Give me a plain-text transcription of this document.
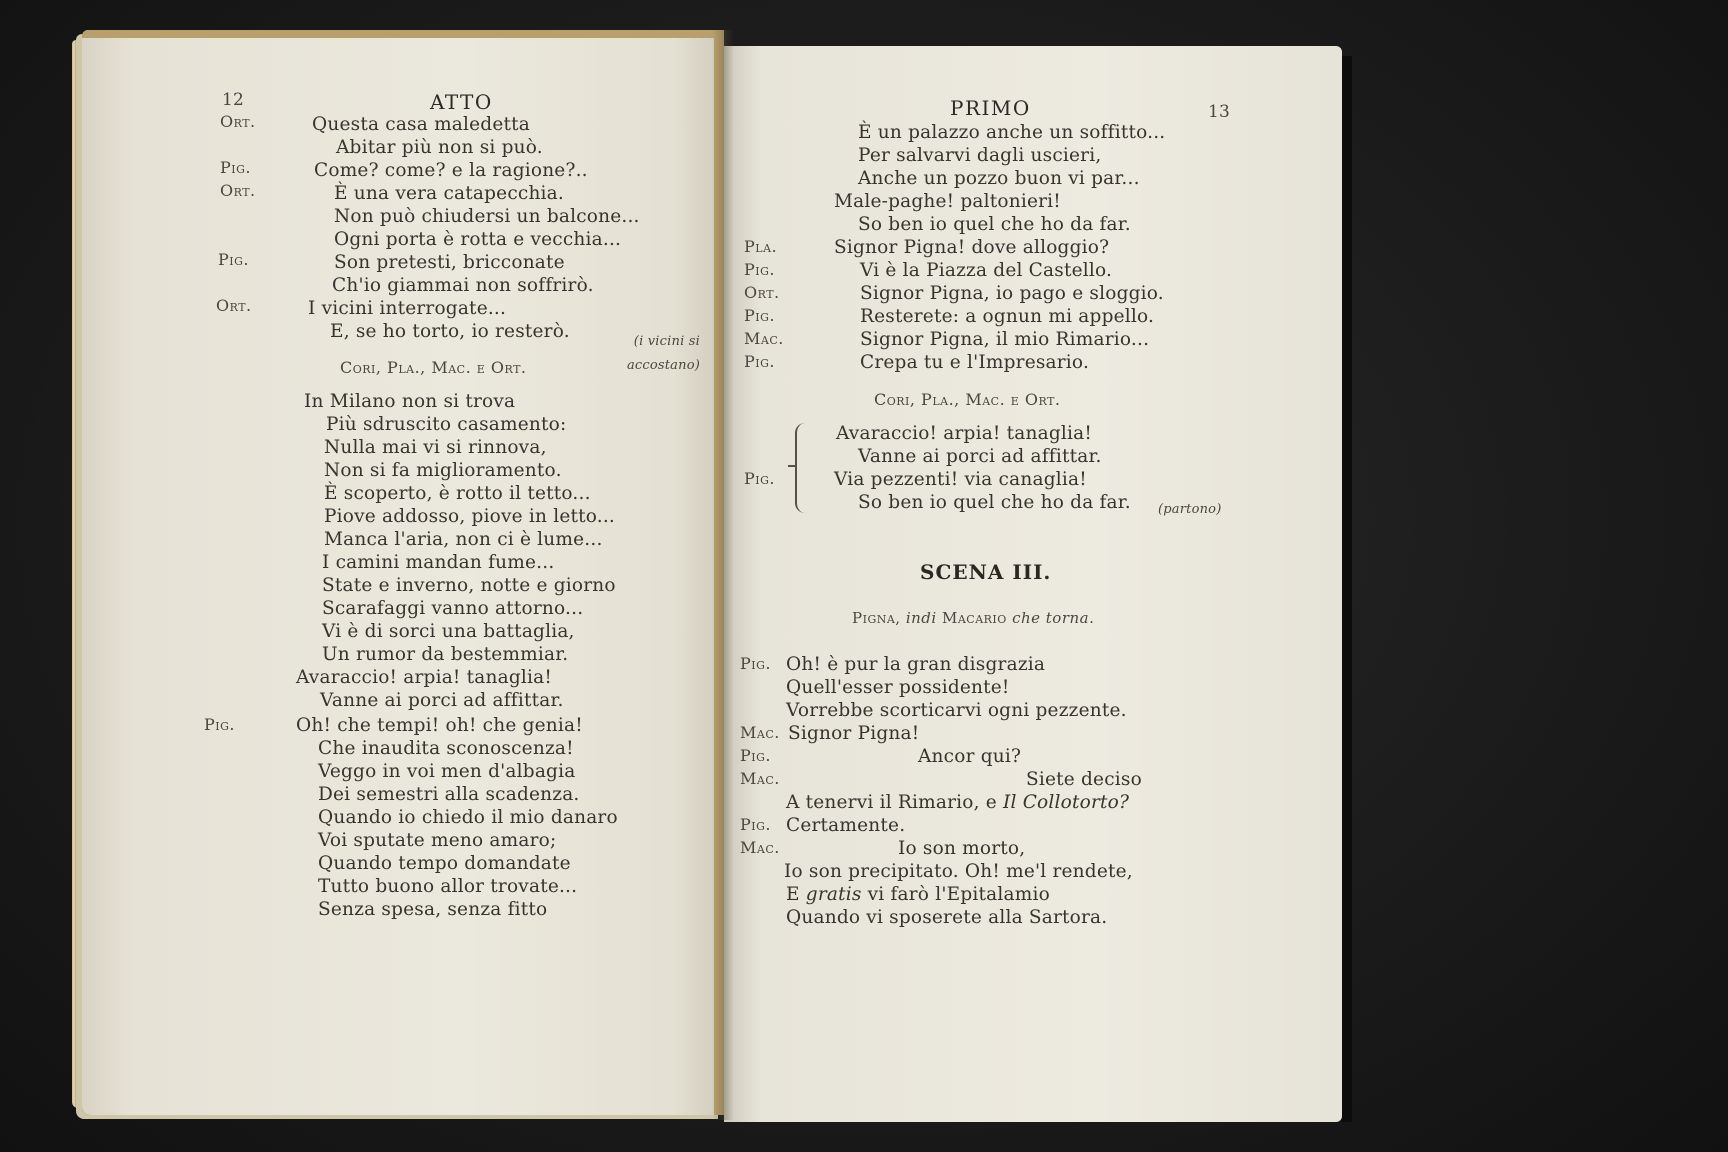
12	ATTO
Ort.	Questa casa maledetta
Abitar più non si può.
Pig.	Come? come? e la ragione?..
Ort.	È una vera catapecchia.
Non può chiudersi un balcone...
Ogni porta è rotta e vecchia...
Pig.	Son pretesti, bricconate
Ch'io giammai non soffrirò.
Ort.	I vicini interrogate...
E, se ho torto, io resterò.	(i vicini si accostano)
Cori, Pla., Mac. e Ort.
In Milano non si trova
Più sdruscito casamento:
Nulla mai vi si rinnova,
Non si fa miglioramento.
È scoperto, è rotto il tetto...
Piove addosso, piove in letto...
Manca l'aria, non ci è lume...
I camini mandan fume...
State e inverno, notte e giorno
Scarafaggi vanno attorno...
Vi è di sorci una battaglia,
Un rumor da bestemmiar.
Avaraccio! arpia! tanaglia!
Vanne ai porci ad affittar.
Pig.	Oh! che tempi! oh! che genia!
Che inaudita sconoscenza!
Veggo in voi men d'albagia
Dei semestri alla scadenza.
Quando io chiedo il mio danaro
Voi sputate meno amaro;
Quando tempo domandate
Tutto buono allor trovate...
Senza spesa, senza fitto
PRIMO	13
È un palazzo anche un soffitto...
Per salvarvi dagli uscieri,
Anche un pozzo buon vi par...
Male-paghe! paltonieri!
So ben io quel che ho da far.
Pla.	Signor Pigna! dove alloggio?
Pig.	Vi è la Piazza del Castello.
Ort.	Signor Pigna, io pago e sloggio.
Pig.	Resterete: a ognun mi appello.
Mac.	Signor Pigna, il mio Rimario...
Pig.	Crepa tu e l'Impresario.
Cori, Pla., Mac. e Ort.
Avaraccio! arpia! tanaglia!
Vanne ai porci ad affittar.
Pig.	Via pezzenti! via canaglia!
So ben io quel che ho da far. (partono)
SCENA III.
Pigna, indi Macario che torna.
Pig. Oh! è pur la gran disgrazia
Quell'esser possidente!
Vorrebbe scorticarvi ogni pezzente.
Mac. Signor Pigna!
Pig.	Ancor qui?
Mac.	Siete deciso
A tenervi il Rimario, e Il Collotorto?
Pig. Certamente.
Mac.	Io son morto,
Io son precipitato. Oh! me'l rendete,
E gratis vi farò l'Epitalamio
Quando vi sposerete alla Sartora.
